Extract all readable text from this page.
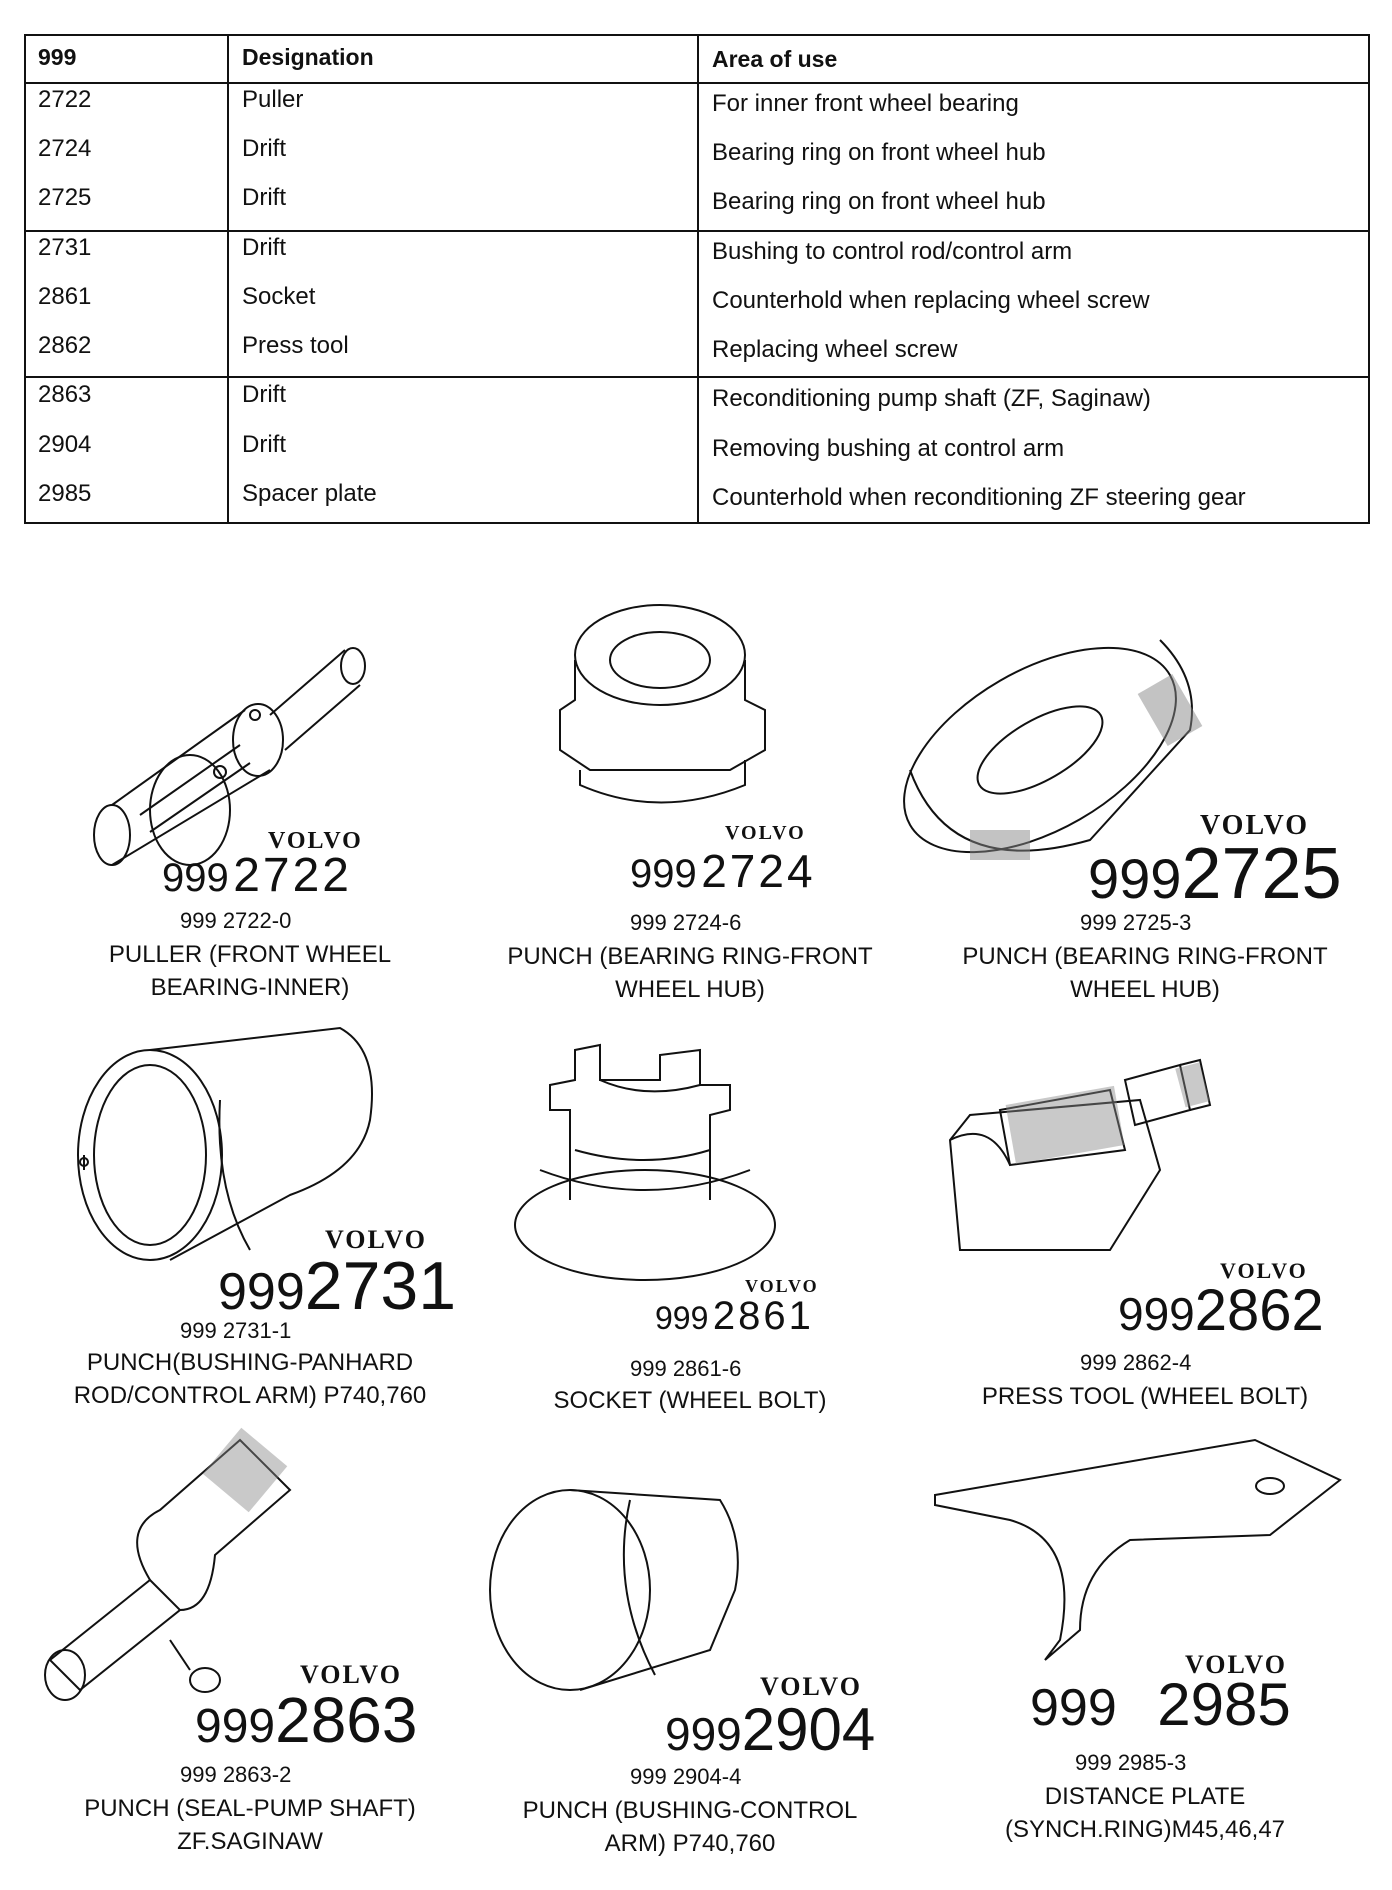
999	Designation	Area of use
2722	Puller	For inner front wheel bearing
2724	Drift	Bearing ring on front wheel hub
2725	Drift	Bearing ring on front wheel hub
2731	Drift	Bushing to control rod/control arm
2861	Socket	Counterhold when replacing wheel screw
2862	Press tool	Replacing wheel screw
2863	Drift	Reconditioning pump shaft (ZF, Saginaw)
2904	Drift	Removing bushing at control arm
2985	Spacer plate	Counterhold when reconditioning ZF steering gear
VOLVO
999 2722
999 2722-0
PULLER (FRONT WHEEL
BEARING-INNER)
VOLVO
999 2724
999 2724-6
PUNCH (BEARING RING-FRONT
WHEEL HUB)
VOLVO
9992725
999 2725-3
PUNCH (BEARING RING-FRONT
WHEEL HUB)
VOLVO
9992731
999 2731-1
PUNCH(BUSHING-PANHARD
ROD/CONTROL ARM) P740,760
VOLVO
999 2861
999 2861-6
SOCKET (WHEEL BOLT)
VOLVO
9992862
999 2862-4
PRESS TOOL (WHEEL BOLT)
VOLVO
9992863
999 2863-2
PUNCH (SEAL-PUMP SHAFT)
ZF.SAGINAW
VOLVO
9992904
999 2904-4
PUNCH (BUSHING-CONTROL
ARM) P740,760
VOLVO
999 2985
999 2985-3
DISTANCE PLATE
(SYNCH.RING)M45,46,47
